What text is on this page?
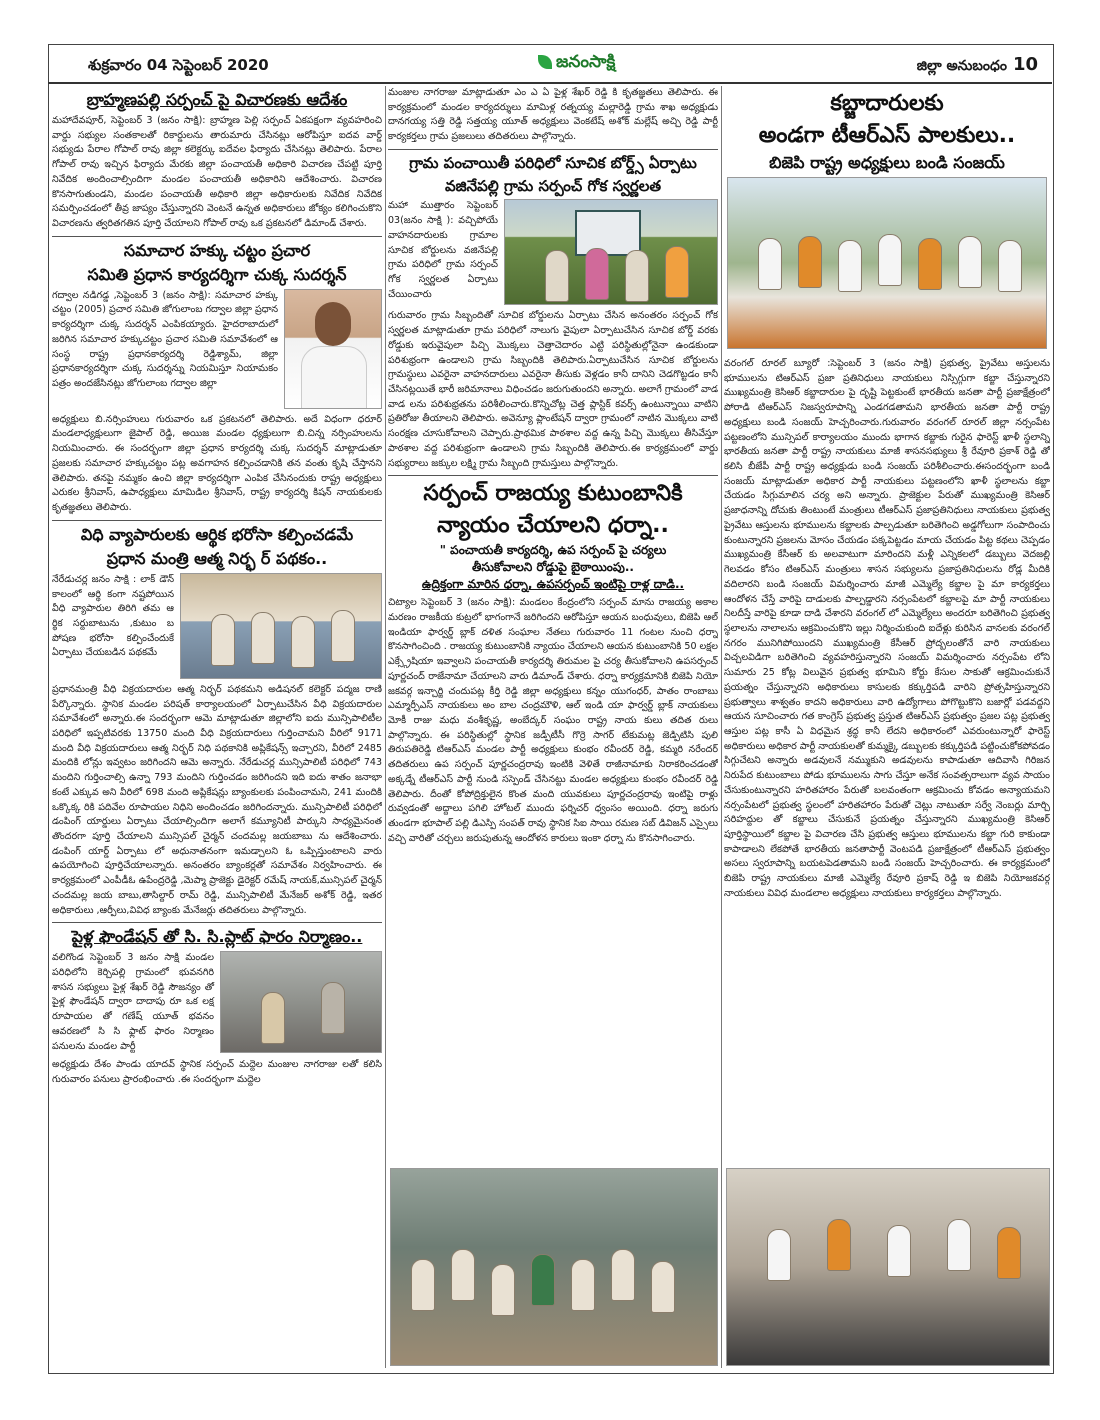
శుక్రవారం 04 సెప్టెంబర్ 2020	జనంసాక్షి	జిల్లా అనుబంధం 10
బ్రాహ్మణపల్లి సర్పంచ్ పై విచారణకు ఆదేశం

మహాదేవపూర్, సెప్టెంబర్ 3 (జనం సాక్షి): బ్రాహ్మణ పెల్లి సర్పంచ్ ఏకపక్షంగా వ్యవహరించి వార్డు సభ్యుల సంతకాలతో రికార్డులను తారుమారు చేసినట్లు ఆరోపిస్తూ ఐదవ వార్డ్ సభ్యుడు పేరాల గోపాల్ రావు జిల్లా కలెక్టర్కు ఐదేవల ఫిర్యాదు చేసినట్లు తెలిపారు. పేరాల గోపాల్ రావు ఇచ్చిన ఫిర్యాదు మేరకు జిల్లా పంచాయతీ అధికారి విచారణ చేపట్టి పూర్తి నివేదిక అందించాల్సిందిగా మండల పంచాయతీ అధికారిని ఆదేశించారు. విచారణ కొనసాగుతుండని, మండల పంచాయతీ అధికారి జిల్లా అధికారులకు నివేదిక నివేదిక సమర్పించడంలో తీవ్ర జాప్యం చేస్తున్నారని వెంటనే ఉన్నత అధికారులు జోక్యం కలిగించుకొని విచారణను త్వరితగతిన పూర్తి చేయాలని గోపాల్ రావు ఒక ప్రకటనలో డిమాండ్ చేశారు.

సమాచార హక్కు చట్టం ప్రచార
సమితి ప్రధాన కార్యదర్శిగా చుక్క సుదర్శన్

గద్వాల నడిగడ్డ ,సెప్టెంబర్ 3 (జనం సాక్షి): సమాచార హక్కు చట్టం (2005) ప్రచార సమితి జోగులాంబ గద్వాల జిల్లా ప్రధాన కార్యదర్శిగా చుక్క సుదర్శన్ ఎంపికయ్యారు. హైదరాబాదులో జరిగిన సమాచార హక్కుచట్టం ప్రచార సమితి సమావేశంలో ఆ సంస్థ రాష్ట్ర ప్రధానకార్యదర్శి రెడ్డిశ్యామ్, జిల్లా ప్రధానకార్యదర్శిగా చుక్క సుదర్శన్ను నియమిస్తూ నియామకం పత్రం అందజేసినట్లు జోగులాంబ గద్వాల జిల్లా

అధ్యక్షులు బి.నర్సింహులు గురువారం ఒక ప్రకటనలో తెలిపారు. అదే విధంగా ధరూర్ మండలాధ్యక్షులుగా జైపాల్ రెడ్డి, అయిజ మండల ధ్యక్షులుగా బి.చిన్న నర్సింహులను నియమించారు. ఈ సందర్భంగా జిల్లా ప్రధాన కార్యదర్శి చుక్క సుదర్శన్ మాట్లాడుతూ ప్రజలకు సమాచార హక్కుచట్టం పట్ల అవగాహన కల్పించడానికి తన వంతు కృషి చేస్తానని తెలిపారు. తనపై నమ్మకం ఉంచి జిల్లా కార్యదర్శిగా ఎంపిక చేసినందుకు రాష్ట్ర అధ్యక్షులు ఎరుకల శ్రీనివాస్, ఉపాధ్యక్షులు మామిడిల శ్రీనివాస్, రాష్ట్ర కార్యదర్శి కిషన్ నాయకులకు కృతజ్ఞతలు తెలిపారు.

విధి వ్యాపారులకు ఆర్థిక భరోసా కల్పించడమే
ప్రధాన మంత్రి ఆత్మ నిర్భ ర్ పథకం..

నేరేడుచర్ల జనం సాక్షి : లాక్ డౌన్ కాలంలో ఆర్థి కంగా నష్టపోయిన వీధి వ్యాపారుల తిరిగి తమ ఆ ర్థిక సర్దుబాటును ,కుటుం బ పోషణ భరోసా కల్పించేందుకే ఏర్పాటు చేయబడిన పథకమే

ప్రధానమంత్రి వీధి విక్రయదారుల ఆత్మ నిర్భర్ పథకమని అడిషనల్ కలెక్టర్ పద్మజ రాణి పేర్కొన్నారు. స్థానిక మండల పరిషత్ కార్యాలయంలో ఏర్పాటుచేసిన వీధి విక్రయదారుల సమావేశంలో అన్నారు.ఈ సందర్భంగా ఆమె మాట్లాడుతూ జిల్లాలోని ఐదు మున్సిపాలిటీల పరిధిలో ఇప్పటివరకు 13750 మంది వీధి విక్రయదారులు గుర్తించామని వీరిలో 9171 మంది వీధి విక్రయదారులు ఆత్మ నిర్భర్ నిధి పథకానికి అప్లికేషన్స్ ఇచ్చారని, వీరిలో 2485 మందికి లోన్లు ఇవ్వటం జరిగిందని ఆమె అన్నారు. నేరేడుచర్ల మున్సిపాలిటీ పరిధిలో 743 మందిని గుర్తించాల్సి ఉన్నా 793 మందిని గుర్తించడం జరిగిందని ఇది ఐదు శాతం జనాభా కంటే ఎక్కువ అని వీరిలో 698 మంది అప్లికేషన్లు బ్యాంకులకు పంపించామని, 241 మందికి ఒక్కొక్క రికి పదివేల రూపాయల నిధిని అందించడం జరిగిందన్నారు. మున్సిపాలిటీ పరిధిలో డంపింగ్ యార్డులు ఏర్పాటు చేయాల్సిందిగా అలాగే కమ్యూనిటీ పార్కుని సాధ్యమైనంత తొందరగా పూర్తి చేయాలని మున్సిపల్ చైర్మన్ చందమల్ల జయబాబు ను ఆదేశించారు. డంపింగ్ యార్డ్ ఏర్పాటు లో అధునాతనంగా ఇమడ్చాలని ఓ ఒప్పిస్తుంటాలని వారు ఉపయోగించి పూర్తిచేయాలన్నారు. అనంతరం బ్యాంకర్లతో సమావేశం నిర్వహించారు. ఈ కార్యక్రమంలో ఎంపీడీఓ ఉపేంద్రరెడ్డి ,మెప్మా ప్రాజెక్టు డైరెక్టర్ రమేష్ నాయక్,మున్సిపల్ చైర్మన్ చందమల్ల జయ బాబు,తాసిల్దార్ రామ్ రెడ్డి, మున్సిపాలిటీ మేనేజర్ అశోక్ రెడ్డి, ఇతర అధికారులు ,ఆర్పీలు,వివిధ బ్యాంకు మేనేజర్లు తదితరులు పాల్గొన్నారు.

పైళ్ల ఫౌండేషన్ తో సి. సి.ప్లాట్ ఫారం నిర్మాణం..

వలిగొండ సెప్టెంబర్ 3 జనం సాక్షి మండల పరిధిలోని కెర్చిపల్లి గ్రామంలో భువనగిరి శాసన సభ్యులు పైళ్ల శేఖర్ రెడ్డి సౌజన్యం తో పైళ్ల ఫౌండేషన్ ద్వారా దాదాపు రూ ఒక లక్ష రూపాయల తో గణేష్ యూత్ భవనం ఆవరణలో సి సి ఫ్లాట్ ఫారం నిర్మాణం పనులను మండల పార్టీ

అధ్యక్షుడు దేశం పాండు యాదవ్ స్థానిక సర్పంచ్ మద్దెల మంజుల నాగరాజు లతో కలిసి గురువారం పనులు ప్రారంభించారు .ఈ సందర్భంగా మద్దెల

మంజుల నాగరాజు మాట్లాడుతూ ఎం ఎ ఏ పైళ్ల శేఖర్ రెడ్డి కి కృతజ్ఞతలు తెలిపారు. ఈ కార్యక్రమంలో మండల కార్యదర్శులు మామిళ్ల రత్నయ్య మల్లారెడ్డి గ్రామ శాఖ అధ్యక్షుడు దానగయ్య సత్తి రెడ్డి సత్తయ్య యూత్ అధ్యక్షులు వెంకటేష్ అశోక్ మల్లేష్ అచ్చి రెడ్డి పార్టీ కార్యకర్తలు గ్రామ ప్రజలులు తదితరులు పాల్గొన్నారు.

గ్రామ పంచాయితీ పరిధిలో సూచిక బోర్డ్స్ ఏర్పాటు
వజినేపల్లి గ్రామ సర్పంచ్ గోక స్వర్ణలత

మహా ముత్తారం సెప్టెంబర్ 03(జనం సాక్షి ): వచ్చిపోయే వాహనదారులకు గ్రామాల సూచిక బోర్డులను వజినేపల్లి గ్రామ పరిధిలో గ్రామ సర్పంచ్ గోక స్వర్ణలత ఏర్పాటు చేయించారు

గురువారం గ్రామ సిబ్బందితో సూచిక బోర్డులను ఏర్పాటు చేసిన అనంతరం సర్పంచ్ గోక స్వర్ణలత మాట్లాడుతూ గ్రామ పరిధిలో నాలుగు వైపులా ఏర్పాటుచేసిన సూచిక బోర్డ్ వరకు రోడ్డుకు ఇరువైపులా పిచ్చి మొక్కలు చెత్తాచెదారం ఎట్టి పరిస్థితుల్లోనైనా ఉండకుండా పరిశుభ్రంగా ఉండాలని గ్రామ సిబ్బందికి తెలిపారు.ఏర్పాటుచేసిన సూచిక బోర్డులను గ్రామస్థులు ఎవరైనా వాహనదారులు ఎవరైనా తీసుకు వెళ్లడం కానీ దానిని చెడగొట్టడం కానీ చేసినట్లయితే భారీ జరిమానాలు విధించడం జరుగుతుందని అన్నారు. అలాగే గ్రామంలో వాడ వాడ లను పరిశుభ్రతను పరిశీలించారు.కొన్నిచోట్ల చెత్త ప్లాస్టిక్ కవర్స్ ఉంటున్నాయి వాటిని ప్రతిరోజు తీయాలని తెలిపారు. అవెన్యూ ప్లాంటేషన్ ద్వారా గ్రామంలో నాటిన మొక్కలు వాటి సంరక్షణ చూసుకోవాలని చెప్పారు.ప్రాథమిక పాఠశాల వద్ద ఉన్న పిచ్చి మొక్కలు తీసివేస్తూ పాఠశాల వద్ద పరిశుభ్రంగా ఉండాలని గ్రామ సిబ్బందికి తెలిపారు.ఈ కార్యక్రమంలో వార్డు సభ్యురాలు జక్కుల లక్ష్మి గ్రామ సిబ్బంది గ్రామస్తులు పాల్గొన్నారు.

సర్పంచ్ రాజయ్య కుటుంబానికి
న్యాయం చేయాలని ధర్నా..
" పంచాయతీ కార్యదర్శి, ఉప సర్పంచ్ పై చర్యలు
తీసుకోవాలని రోడ్డుపై బైఠాయింపు..
ఉద్రిక్తంగా మారిన ధర్నా, ఉపసర్పంచ్ ఇంటిపై రాళ్ల దాడి..

చిట్యాల సెప్టెంబర్ 3 (జనం సాక్షి): మండలం కేంద్రంలోని సర్పంచ్ మాను రాజయ్య అకాల మరణం రాజకీయ కుట్రలో భాగంగానే జరిగిందని ఆరోపిస్తూ ఆయన బంధువులు, బిజెపి ఆల్ ఇండియా ఫార్వర్డ్ బ్లాక్ దళిత సంఘాల నేతలు గురువారం 11 గంటల నుంచి ధర్నా కొనసాగించింది . రాజయ్య కుటుంబానికి న్యాయం చేయాలని ఆయన కుటుంబానికి 50 లక్షల ఎక్స్గ్రేషియా ఇవ్వాలని పంచాయతీ కార్యదర్శి తిరుమల పై చర్య తీసుకోవాలని ఉపసర్పంచ్ పూర్ణచంద్ రాజేనామా చేయాలని వారు డిమాండ్ చేశారు. ధర్నా కార్యక్రమానికి బిజెపి నియో జకవర్గ ఇన్చార్జి చందుపట్ల కీర్తి రెడ్డి జిల్లా అధ్యక్షులు కన్నం యుగంధర్, పాతం రాంబాబు ఎమ్మార్పీఎస్ నాయకులు అం బాల చంద్రమౌళి, ఆల్ ఇండి యా ఫార్వర్డ్ బ్లాక్ నాయకులు మోకీ రాజు మధు వంశీకృష్ణ, అంబేద్కర్ సంఘం రాష్ట్ర నాయ కులు తదిత రులు పాల్గొన్నారు. ఈ పరిస్థితుల్లో స్థానిక జడ్పీటీసీ గొర్రె సాగర్ టేకుమట్ల జెడ్పిటిసి పులి తిరుపతిరెడ్డి టిఆర్ఎస్ మండల పార్టీ అధ్యక్షులు కుంభం రవీందర్ రెడ్డి, కమ్మరి నరేందర్ తదితరులు ఉప సర్పంచ్ పూర్ణచంద్రరావు ఇంటికి వెళితే రాజీనామాకు నిరాకరించడంతో అక్కడ్నే టీఆర్ఎస్ పార్టీ నుండి సస్పెండ్ చేసినట్టు మండల అధ్యక్షులు కుంభం రవీందర్ రెడ్డి తెలిపారు. దీంతో కోపోద్రిక్తులైన కొంత మంది యువకులు పూర్ణచంద్రరావు ఇంటిపై రాళ్లు రువ్వడంతో అద్దాలు పగిలి హోటల్ ముందు ఫర్నిచర్ ధ్వంసం అయింది. ధర్నా జరుగు తుండగా భూపాల్ పల్లి డిఎస్పి సంపత్ రావు స్థానిక సిఐ సాయి రమణ సబ్ డివిజన్ ఎస్సైలు వచ్చి వారితో చర్చలు జరుపుతున్న ఆందోళన కారులు ఇంకా ధర్నా ను కొనసాగించారు.

కబ్జాదారులకు
అండగా టీఆర్ఎస్ పాలకులు..
బిజెపి రాష్ట్ర అధ్యక్షులు బండి సంజయ్

వరంగల్ రూరల్ బ్యూరో :సెప్టెంబర్ 3 (జనం సాక్షి) ప్రభుత్వ, ప్రైవేటు అస్తులను భూములను టిఆర్ఎస్ ప్రజా ప్రతినిధులు నాయకులు నిస్సిగ్గుగా కబ్జా చేస్తున్నారని ముఖ్యమంత్రి కెసిఆర్ కబ్జాదారుల పై దృష్టి పెట్టకుంటే భారతీయ జనతా పార్టీ ప్రజాక్షేత్రంలో పోరాడి టిఆర్ఎస్ నిజస్వరూపాన్ని ఎండగడతామని భారతీయ జనతా పార్టీ రాష్ట్ర అధ్యక్షులు బండి సంజయ్ హెచ్చరించారు.గురువారం వరంగల్ రూరల్ జిల్లా నర్సంపేట పట్టణంలోని మున్సిపల్ కార్యాలయం ముందు భాగాన కబ్జాకు గురైన ఫారెస్ట్ ఖాళీ స్థలాన్ని భారతీయ జనతా పార్టీ రాష్ట్ర నాయకులు మాజీ శాసనసభ్యులు శ్రీ రేవూరి ప్రకాశ్ రెడ్డి తో కలిసి బీజేపీ పార్టీ రాష్ట్ర అధ్యక్షుడు బండి సంజయ్ పరిశీలించారు.ఈసందర్భంగా బండి సంజయ్ మాట్లాడుతూ అధికార పార్టీ నాయకులు పట్టణంలోని ఖాళీ స్థలాలను కబ్జా చేయడం సిగ్గుమాలిన చర్య అని అన్నారు. ప్రాజెక్టుల పేరుతో ముఖ్యమంత్రి కెసిఆర్ ప్రజాధనాన్ని దోచుకు తింటుంటే మంత్రులు టీఆర్ఎస్ ప్రజాప్రతినిధులు నాయకులు ప్రభుత్వ ప్రైవేటు ఆస్తులను భూములను కబ్జాలకు పాల్పడుతూ బరితెగించి అడ్డగోలుగా సంపాదించు కుంటున్నారని ప్రజలను మోసం చేయడం పక్కపెట్టడం మాయ చేయడం పిట్ట కథలు చెప్పడం ముఖ్యమంత్రి కేసీఆర్ కు అలవాటుగా మారిందని మళ్లీ ఎన్నికలలో డబ్బులు వెదజల్లి గెలవడం కోసం టిఆర్ఎస్ మంత్రులు శాసన సభ్యులను ప్రజాప్రతినిధులను రోడ్ల మీదికి వదిలారని బండి సంజయ్ విమర్శించారు మాజీ ఎమ్మెల్యే కబ్జాల పై మా కార్యకర్తలు ఆందోళన చేస్తే వారిపై దాడులకు పాల్పడ్డారని నర్సంపేటలో కబ్జాలపై మా పార్టీ నాయకులు నిలదీస్తే వారిపై కూడా దాడి చేశారని వరంగల్ లో ఎమ్మెల్యేలు అందరూ బరితెగించి ప్రభుత్వ స్థలాలను నాలాలను ఆక్రమించుకొని ఇల్లు నిర్మించుకుంది ఐదేళ్లు కురిసిన వానలకు వరంగల్ నగరం మునిగిపోయిందని ముఖ్యమంత్రి కేసీఆర్ ప్రోద్బలంతోనే వారి నాయకులు విచ్చలవిడిగా బరితెగించి వ్యవహరిస్తున్నారని సంజయ్ విమర్శించారు నర్సంపేట లోని సుమారు 25 కోట్ల విలువైన ప్రభుత్వ భూమిని కోర్టు కేసుల సాకుతో ఆక్రమించుకునే ప్రయత్నం చేస్తున్నారని అధికారులు కాసులకు కక్కుర్తిపడి వారిని ప్రోత్సహిస్తున్నారని ప్రభుత్వాలు శాశ్వతం కాదని అధికారులు వారి ఉద్యోగాలు పోగొట్టుకొని బజార్లో పడవద్దని ఆయన సూచించారు గత కాంగ్రెస్ ప్రభుత్వ ప్రస్తుత టిఆర్ఎస్ ప్రభుత్వం ప్రజల పట్ల ప్రభుత్వ ఆస్తుల పట్ల కాసీ ఏ విధమైన శ్రద్ధ కానీ లేదని అధికారంలో ఎవరుంటున్నారో ఫారెస్ట్ అధికారులు అధికార పార్టీ నాయకులతో కుమ్మక్కై డబ్బులకు కక్కుర్తిపడి పట్టించుకోకపోవడం సిగ్గుచేటని అన్నారు అడవులనే నమ్ముకుని అడవులను కాపాడుతూ ఆదివాసి గిరిజన నిరుపేద కుటుంబాలు పోడు భూములను సాగు చేస్తూ అనేక సంవత్సరాలుగా వ్యవ సాయం చేసుకుంటున్నారని హరితహారం పేరుతో బలవంతంగా ఆక్రమించు కోవడం అన్యాయమని నర్సంపేటలో ప్రభుత్వ స్థలంలో హరితహారం పేరుతో చెట్లు నాటుతూ సర్వే నెంబర్లు మార్చి సరిహద్దుల తో కబ్జాలు చేసుకునే ప్రయత్నం చేస్తున్నారని ముఖ్యమంత్రి కెసిఆర్ పూర్తిస్థాయిలో కబ్జాల పై విచారణ చేసి ప్రభుత్వ ఆస్తులు భూములను కబ్జా గురి కాకుండా కాపాడాలని లేకపోతే భారతీయ జనతాపార్టీ వెంటపడి ప్రజాక్షేత్రంలో టీఆర్ఎస్ ప్రభుత్వం అసలు స్వరూపాన్ని బయటపెడతామని బండి సంజయ్ హెచ్చరించారు. ఈ కార్యక్రమంలో బిజెపి రాష్ట్ర నాయకులు మాజీ ఎమ్మెల్యే రేవూరి ప్రకాష్ రెడ్డి ఇ బిజెపి నియోజకవర్గ నాయకులు వివిధ మండలాల అధ్యక్షులు నాయకులు కార్యకర్తలు పాల్గొన్నారు.
